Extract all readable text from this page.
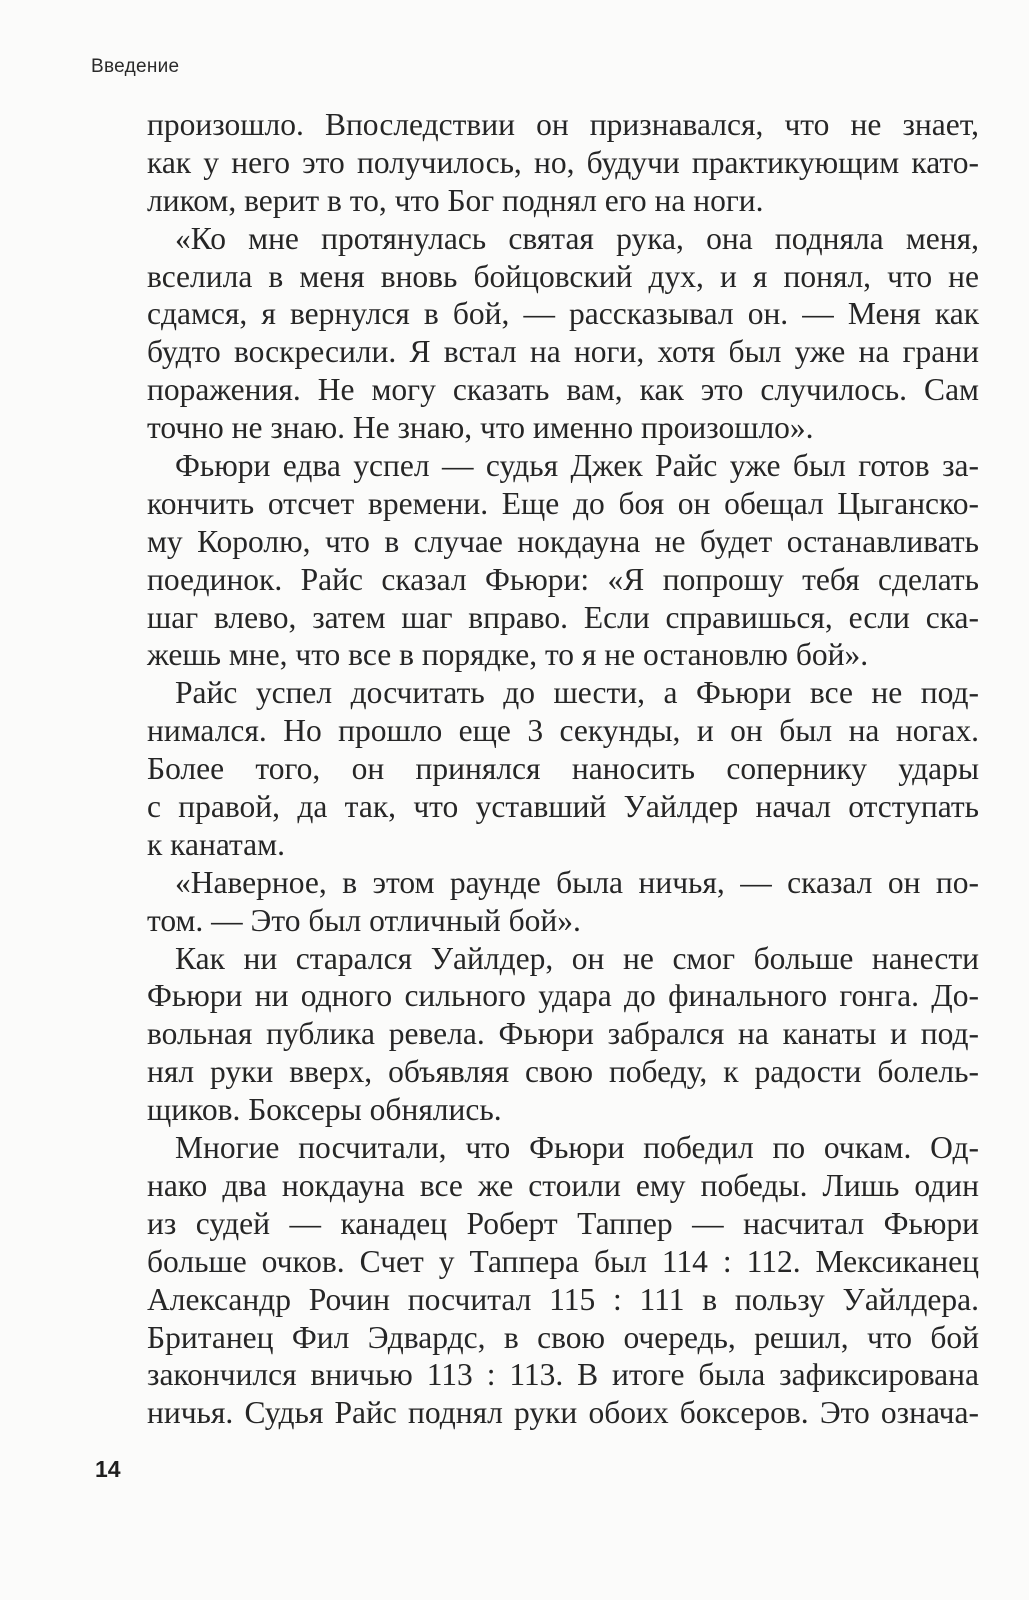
Введение
произошло. Впоследствии он признавался, что не знает,
как у него это получилось, но, будучи практикующим като-
ликом, верит в то, что Бог поднял его на ноги.
«Ко мне протянулась святая рука, она подняла меня,
вселила в меня вновь бойцовский дух, и я понял, что не
сдамся, я вернулся в бой, — рассказывал он. — Меня как
будто воскресили. Я встал на ноги, хотя был уже на грани
поражения. Не могу сказать вам, как это случилось. Сам
точно не знаю. Не знаю, что именно произошло».
Фьюри едва успел — судья Джек Райс уже был готов за-
кончить отсчет времени. Еще до боя он обещал Цыганско-
му Королю, что в случае нокдауна не будет останавливать
поединок. Райс сказал Фьюри: «Я попрошу тебя сделать
шаг влево, затем шаг вправо. Если справишься, если ска-
жешь мне, что все в порядке, то я не остановлю бой».
Райс успел досчитать до шести, а Фьюри все не под-
нимался. Но прошло еще 3 секунды, и он был на ногах.
Более того, он принялся наносить сопернику удары
с правой, да так, что уставший Уайлдер начал отступать
к канатам.
«Наверное, в этом раунде была ничья, — сказал он по-
том. — Это был отличный бой».
Как ни старался Уайлдер, он не смог больше нанести
Фьюри ни одного сильного удара до финального гонга. До-
вольная публика ревела. Фьюри забрался на канаты и под-
нял руки вверх, объявляя свою победу, к радости болель-
щиков. Боксеры обнялись.
Многие посчитали, что Фьюри победил по очкам. Од-
нако два нокдауна все же стоили ему победы. Лишь один
из судей — канадец Роберт Таппер — насчитал Фьюри
больше очков. Счет у Таппера был 114 : 112. Мексиканец
Александр Рочин посчитал 115 : 111 в пользу Уайлдера.
Британец Фил Эдвардс, в свою очередь, решил, что бой
закончился вничью 113 : 113. В итоге была зафиксирована
ничья. Судья Райс поднял руки обоих боксеров. Это означа-
14
